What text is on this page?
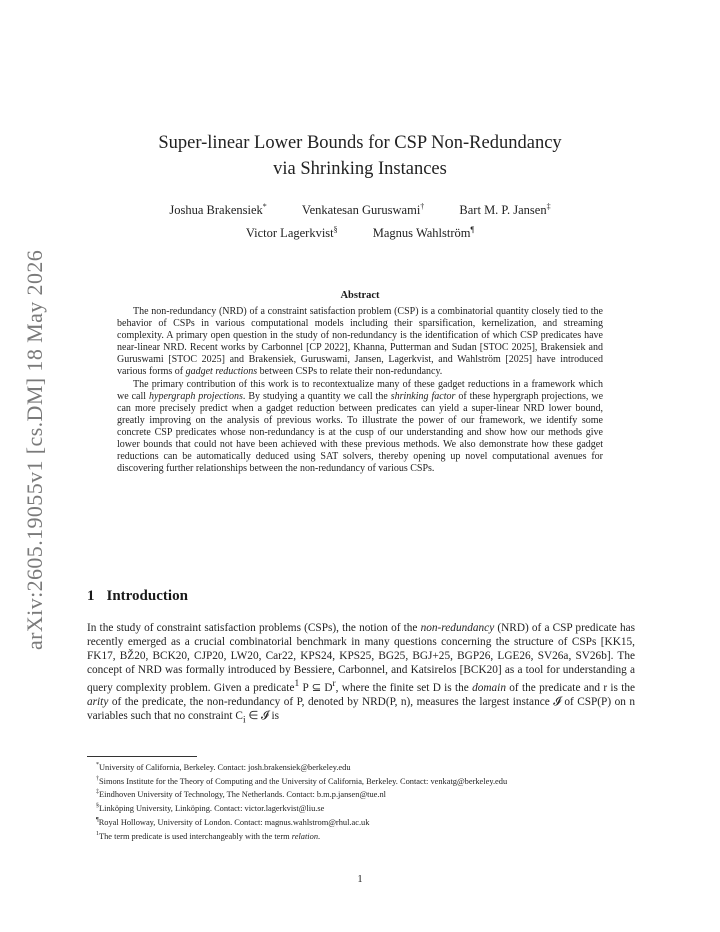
arXiv:2605.19055v1 [cs.DM] 18 May 2026
Super-linear Lower Bounds for CSP Non-Redundancy
via Shrinking Instances
Joshua Brakensiek*	Venkatesan Guruswami†	Bart M. P. Jansen‡
Victor Lagerkvist§	Magnus Wahlström¶
Abstract

The non-redundancy (NRD) of a constraint satisfaction problem (CSP) is a combinatorial quantity closely tied to the behavior of CSPs in various computational models including their sparsification, kernelization, and streaming complexity. A primary open question in the study of non-redundancy is the identification of which CSP predicates have near-linear NRD. Recent works by Carbonnel [CP 2022], Khanna, Putterman and Sudan [STOC 2025], Brakensiek and Guruswami [STOC 2025] and Brakensiek, Guruswami, Jansen, Lagerkvist, and Wahlström [2025] have introduced various forms of gadget reductions between CSPs to relate their non-redundancy.

The primary contribution of this work is to recontextualize many of these gadget reductions in a framework which we call hypergraph projections. By studying a quantity we call the shrinking factor of these hypergraph projections, we can more precisely predict when a gadget reduction between predicates can yield a super-linear NRD lower bound, greatly improving on the analysis of previous works. To illustrate the power of our framework, we identify some concrete CSP predicates whose non-redundancy is at the cusp of our understanding and show how our methods give lower bounds that could not have been achieved with these previous methods. We also demonstrate how these gadget reductions can be automatically deduced using SAT solvers, thereby opening up novel computational avenues for discovering further relationships between the non-redundancy of various CSPs.

1 Introduction

In the study of constraint satisfaction problems (CSPs), the notion of the non-redundancy (NRD) of a CSP predicate has recently emerged as a crucial combinatorial benchmark in many questions concerning the structure of CSPs [KK15, FK17, BŽ20, BCK20, CJP20, LW20, Car22, KPS24, KPS25, BG25, BGJ+25, BGP26, LGE26, SV26a, SV26b]. The concept of NRD was formally introduced by Bessiere, Carbonnel, and Katsirelos [BCK20] as a tool for understanding a query complexity problem. Given a predicate$^1$ P ⊆ $D^r$, where the finite set D is the domain of the predicate and r is the arity of the predicate, the non-redundancy of P, denoted by NRD(P, n), measures the largest instance 𝓘 of CSP(P) on n variables such that no constraint $C_i$ ∈ 𝓘 is

*University of California, Berkeley. Contact: josh.brakensiek@berkeley.edu
†Simons Institute for the Theory of Computing and the University of California, Berkeley. Contact: venkatg@berkeley.edu
‡Eindhoven University of Technology, The Netherlands. Contact: b.m.p.jansen@tue.nl
§Linköping University, Linköping. Contact: victor.lagerkvist@liu.se
¶Royal Holloway, University of London. Contact: magnus.wahlstrom@rhul.ac.uk
$^1$The term predicate is used interchangeably with the term relation.
1
